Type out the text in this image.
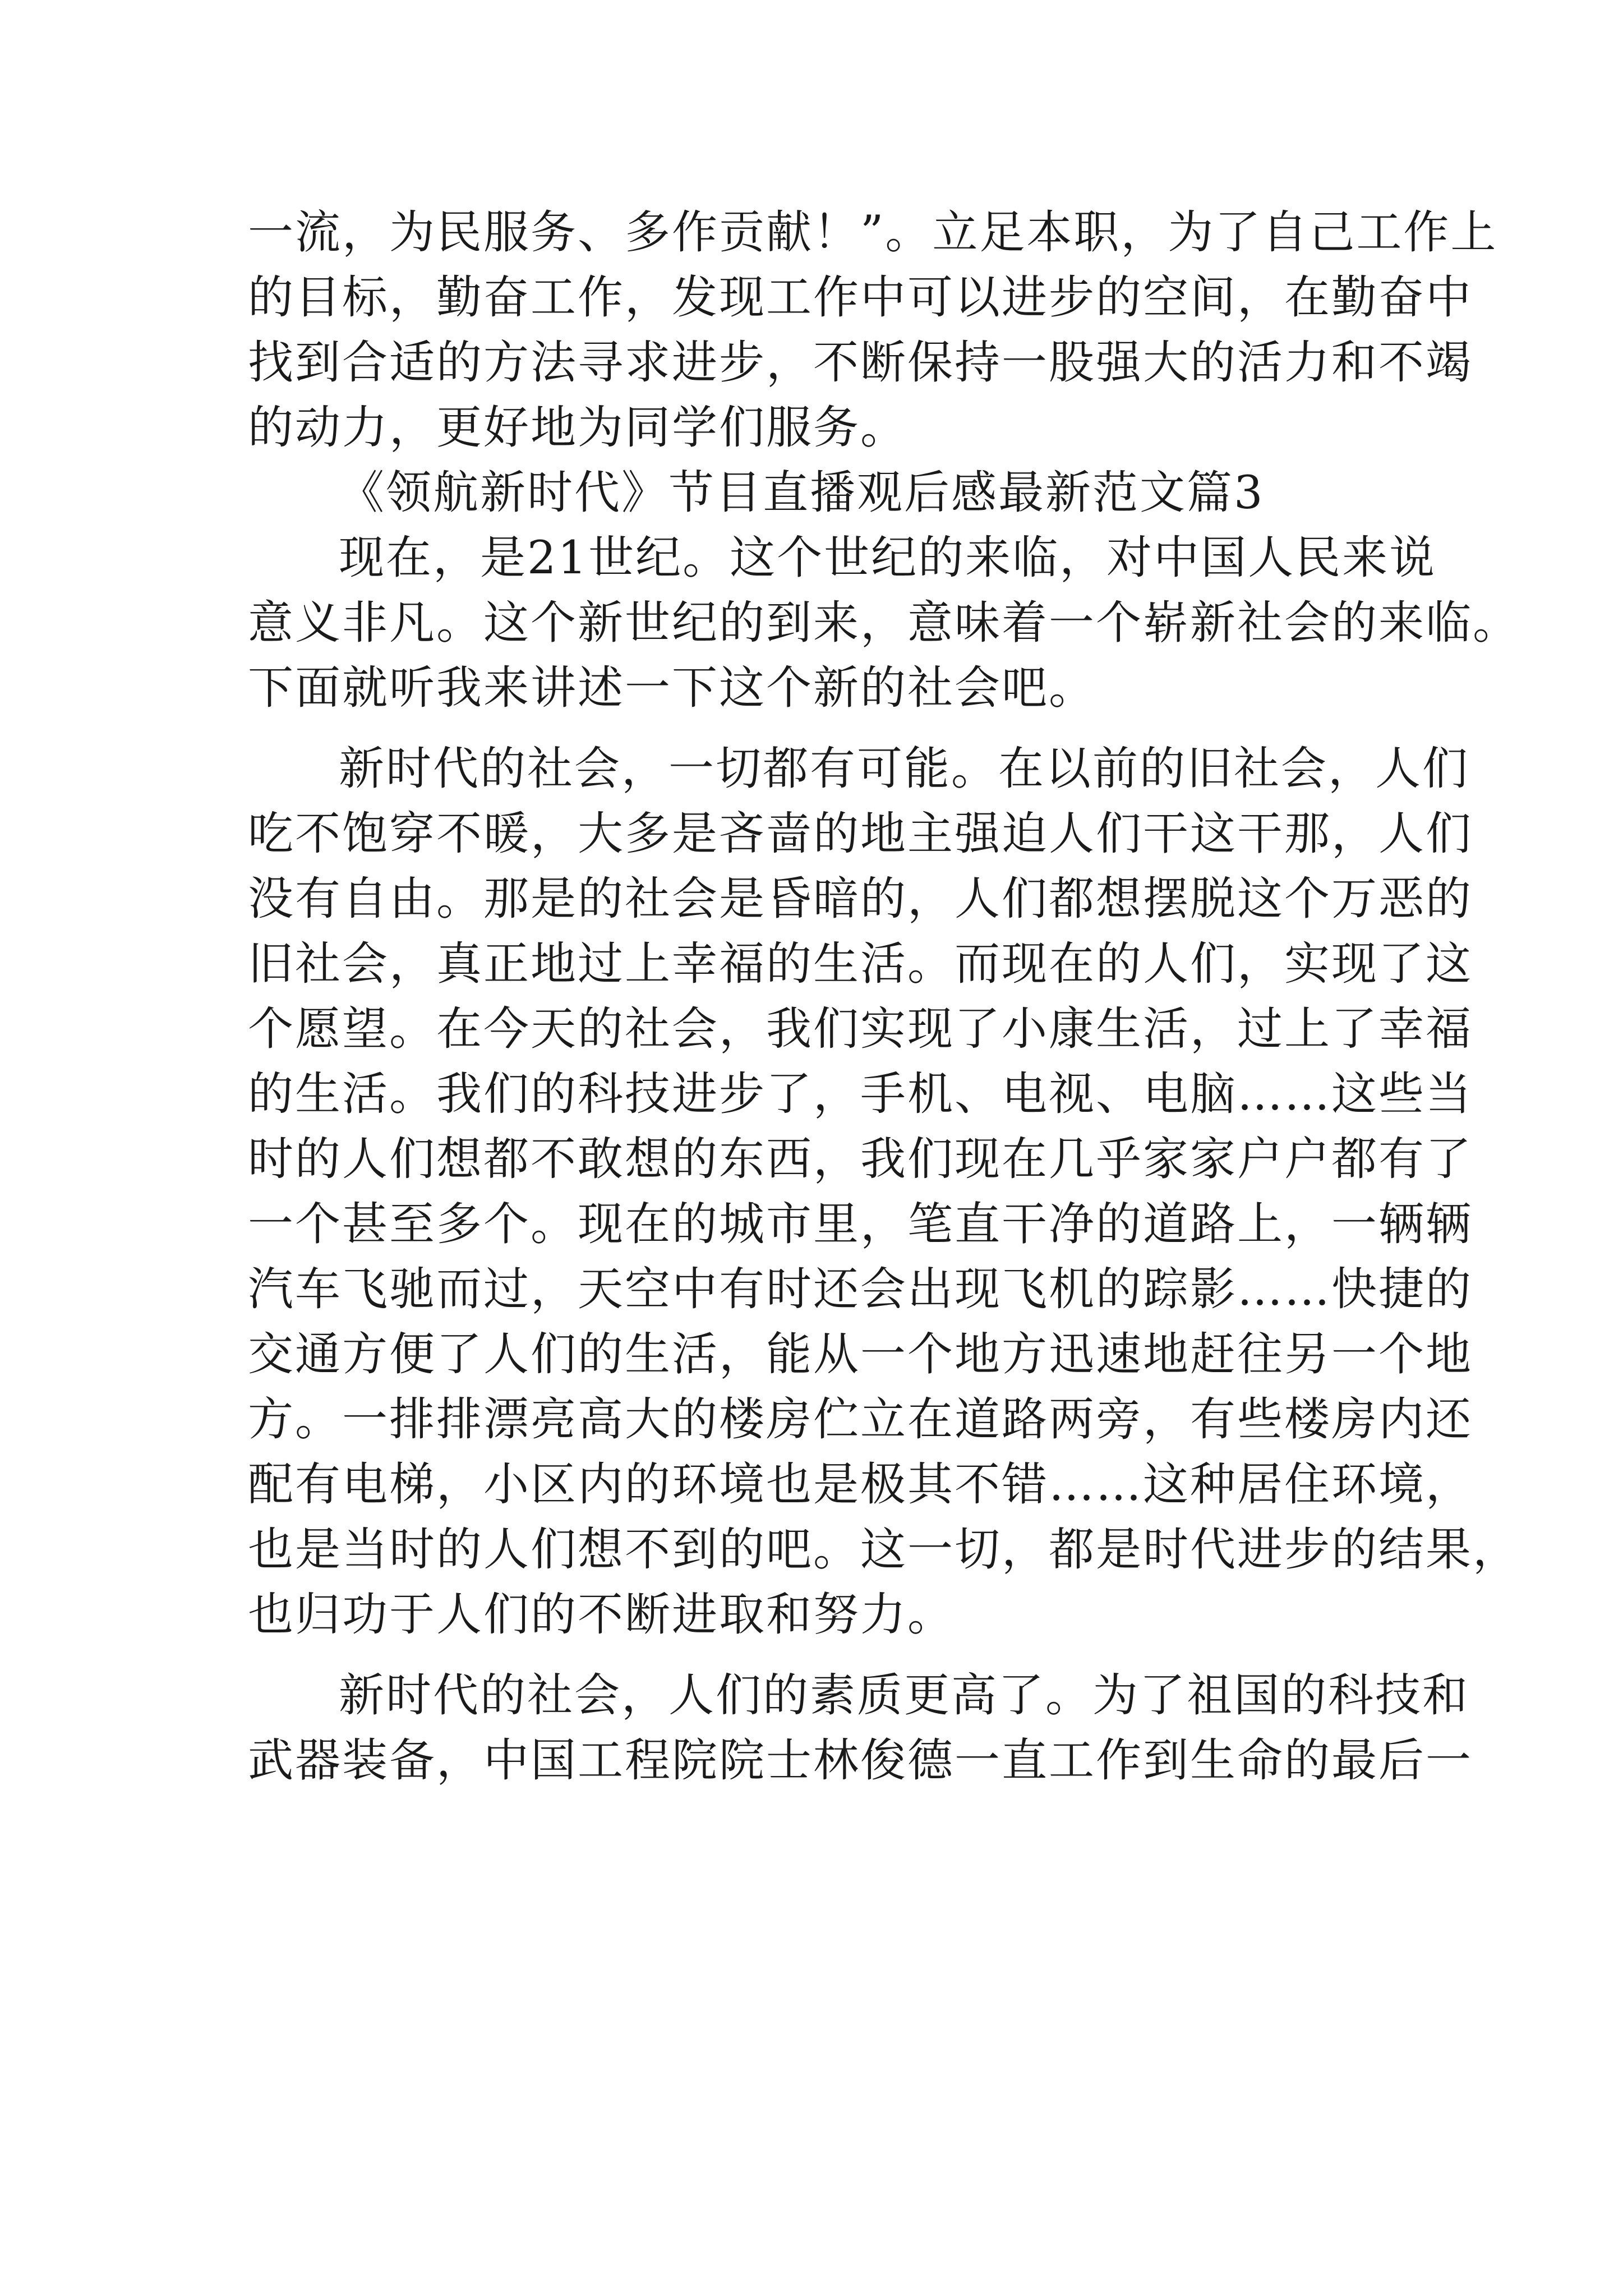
一流，为民服务、多作贡献！”。立足本职，为了自己工作上
的目标，勤奋工作，发现工作中可以进步的空间，在勤奋中
找到合适的方法寻求进步，不断保持一股强大的活力和不竭
的动力，更好地为同学们服务。
《领航新时代》节目直播观后感最新范文篇3
现在，是21世纪。这个世纪的来临，对中国人民来说
意义非凡。这个新世纪的到来，意味着一个崭新社会的来临。
下面就听我来讲述一下这个新的社会吧。
新时代的社会，一切都有可能。在以前的旧社会，人们
吃不饱穿不暖，大多是吝啬的地主强迫人们干这干那，人们
没有自由。那是的社会是昏暗的，人们都想摆脱这个万恶的
旧社会，真正地过上幸福的生活。而现在的人们，实现了这
个愿望。在今天的社会，我们实现了小康生活，过上了幸福
的生活。我们的科技进步了，手机、电视、电脑……这些当
时的人们想都不敢想的东西，我们现在几乎家家户户都有了
一个甚至多个。现在的城市里，笔直干净的道路上，一辆辆
汽车飞驰而过，天空中有时还会出现飞机的踪影……快捷的
交通方便了人们的生活，能从一个地方迅速地赶往另一个地
方。一排排漂亮高大的楼房伫立在道路两旁，有些楼房内还
配有电梯，小区内的环境也是极其不错……这种居住环境，
也是当时的人们想不到的吧。这一切，都是时代进步的结果，
也归功于人们的不断进取和努力。
新时代的社会，人们的素质更高了。为了祖国的科技和
武器装备，中国工程院院士林俊德一直工作到生命的最后一
